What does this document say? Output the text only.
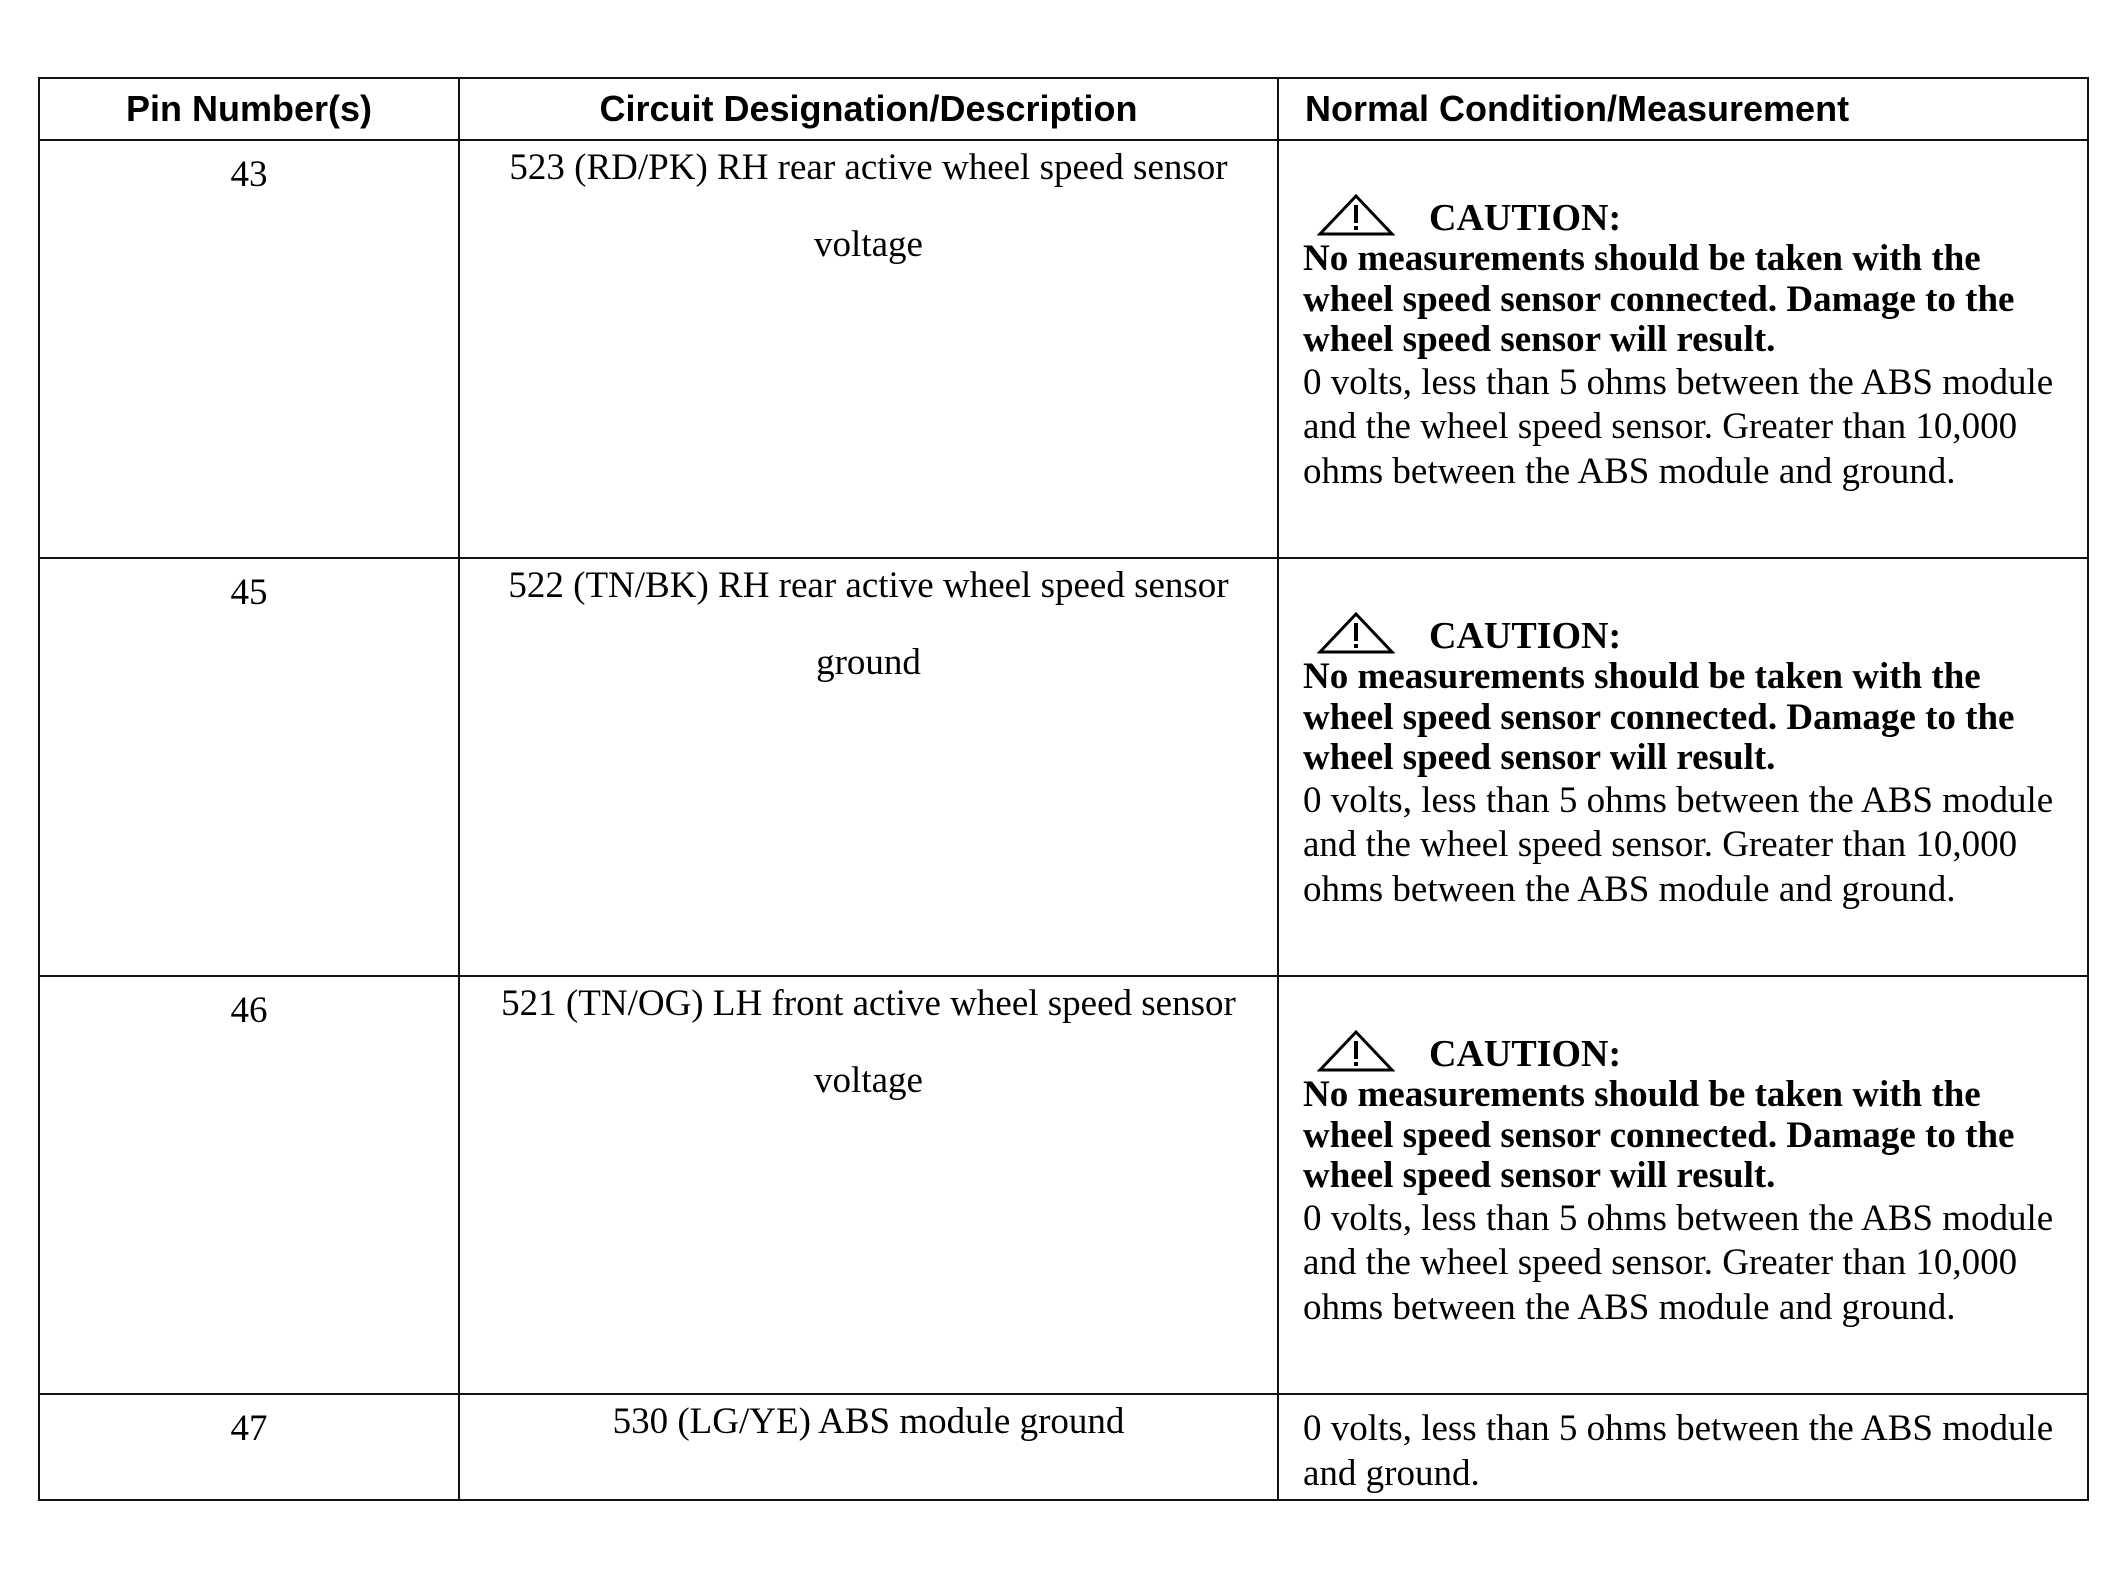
Pin Number(s)	Circuit Designation/Description	Normal Condition/Measurement
43	523 (RD/PK) RH rear active wheel speed sensor voltage	CAUTION:
No measurements should be taken with the wheel speed sensor connected. Damage to the wheel speed sensor will result.
0 volts, less than 5 ohms between the ABS module and the wheel speed sensor. Greater than 10,000 ohms between the ABS module and ground.

45	522 (TN/BK) RH rear active wheel speed sensor ground	CAUTION:
No measurements should be taken with the wheel speed sensor connected. Damage to the wheel speed sensor will result.
0 volts, less than 5 ohms between the ABS module and the wheel speed sensor. Greater than 10,000 ohms between the ABS module and ground.

46	521 (TN/OG) LH front active wheel speed sensor voltage	CAUTION:
No measurements should be taken with the wheel speed sensor connected. Damage to the wheel speed sensor will result.
0 volts, less than 5 ohms between the ABS module and the wheel speed sensor. Greater than 10,000 ohms between the ABS module and ground.

47	530 (LG/YE) ABS module ground	0 volts, less than 5 ohms between the ABS module and ground.
